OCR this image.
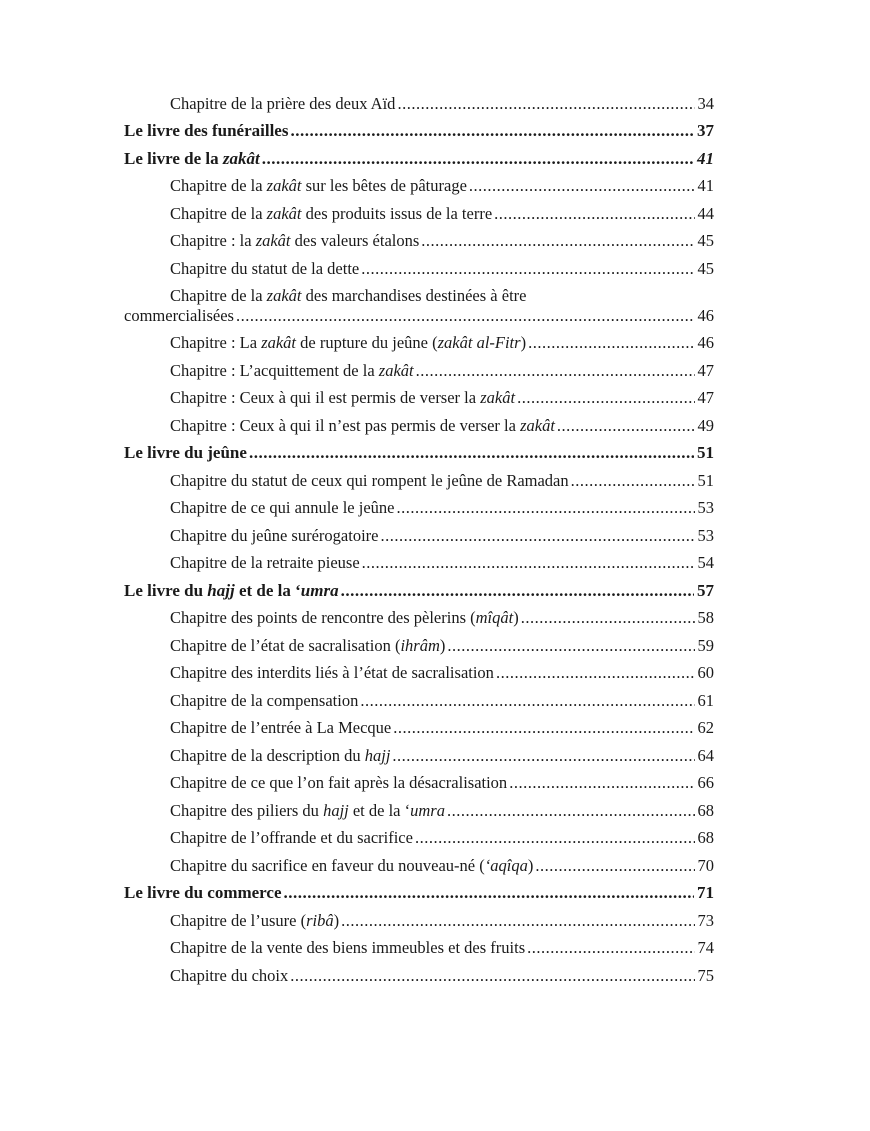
Chapitre de la prière des deux Aïd .....	34
Le livre des funérailles .....	37
Le livre de la zakât .....	41
Chapitre de la zakât sur les bêtes de pâturage .....	41
Chapitre de la zakât des produits issus de la terre .....	44
Chapitre : la zakât des valeurs étalons .....	45
Chapitre du statut de la dette .....	45
Chapitre de la zakât des marchandises destinées à être
commercialisées .....	46
Chapitre : La zakât de rupture du jeûne (zakât al-Fitr) .....	46
Chapitre : L’acquittement de la zakât .....	47
Chapitre : Ceux à qui il est permis de verser la zakât .....	47
Chapitre : Ceux à qui il n’est pas permis de verser la zakât .....	49
Le livre du jeûne .....	51
Chapitre du statut de ceux qui rompent le jeûne de Ramadan .....	51
Chapitre de ce qui annule le jeûne .....	53
Chapitre du jeûne surérogatoire .....	53
Chapitre de la retraite pieuse .....	54
Le livre du hajj et de la ‘umra .....	57
Chapitre des points de rencontre des pèlerins (mîqât) .....	58
Chapitre de l’état de sacralisation (ihrâm) .....	59
Chapitre des interdits liés à l’état de sacralisation .....	60
Chapitre de la compensation .....	61
Chapitre de l’entrée à La Mecque .....	62
Chapitre de la description du hajj .....	64
Chapitre de ce que l’on fait après la désacralisation .....	66
Chapitre des piliers du hajj et de la ‘umra .....	68
Chapitre de l’offrande et du sacrifice .....	68
Chapitre du sacrifice en faveur du nouveau-né (‘aqîqa) .....	70
Le livre du commerce .....	71
Chapitre de l’usure (ribâ) .....	73
Chapitre de la vente des biens immeubles et des fruits .....	74
Chapitre du choix .....	75
